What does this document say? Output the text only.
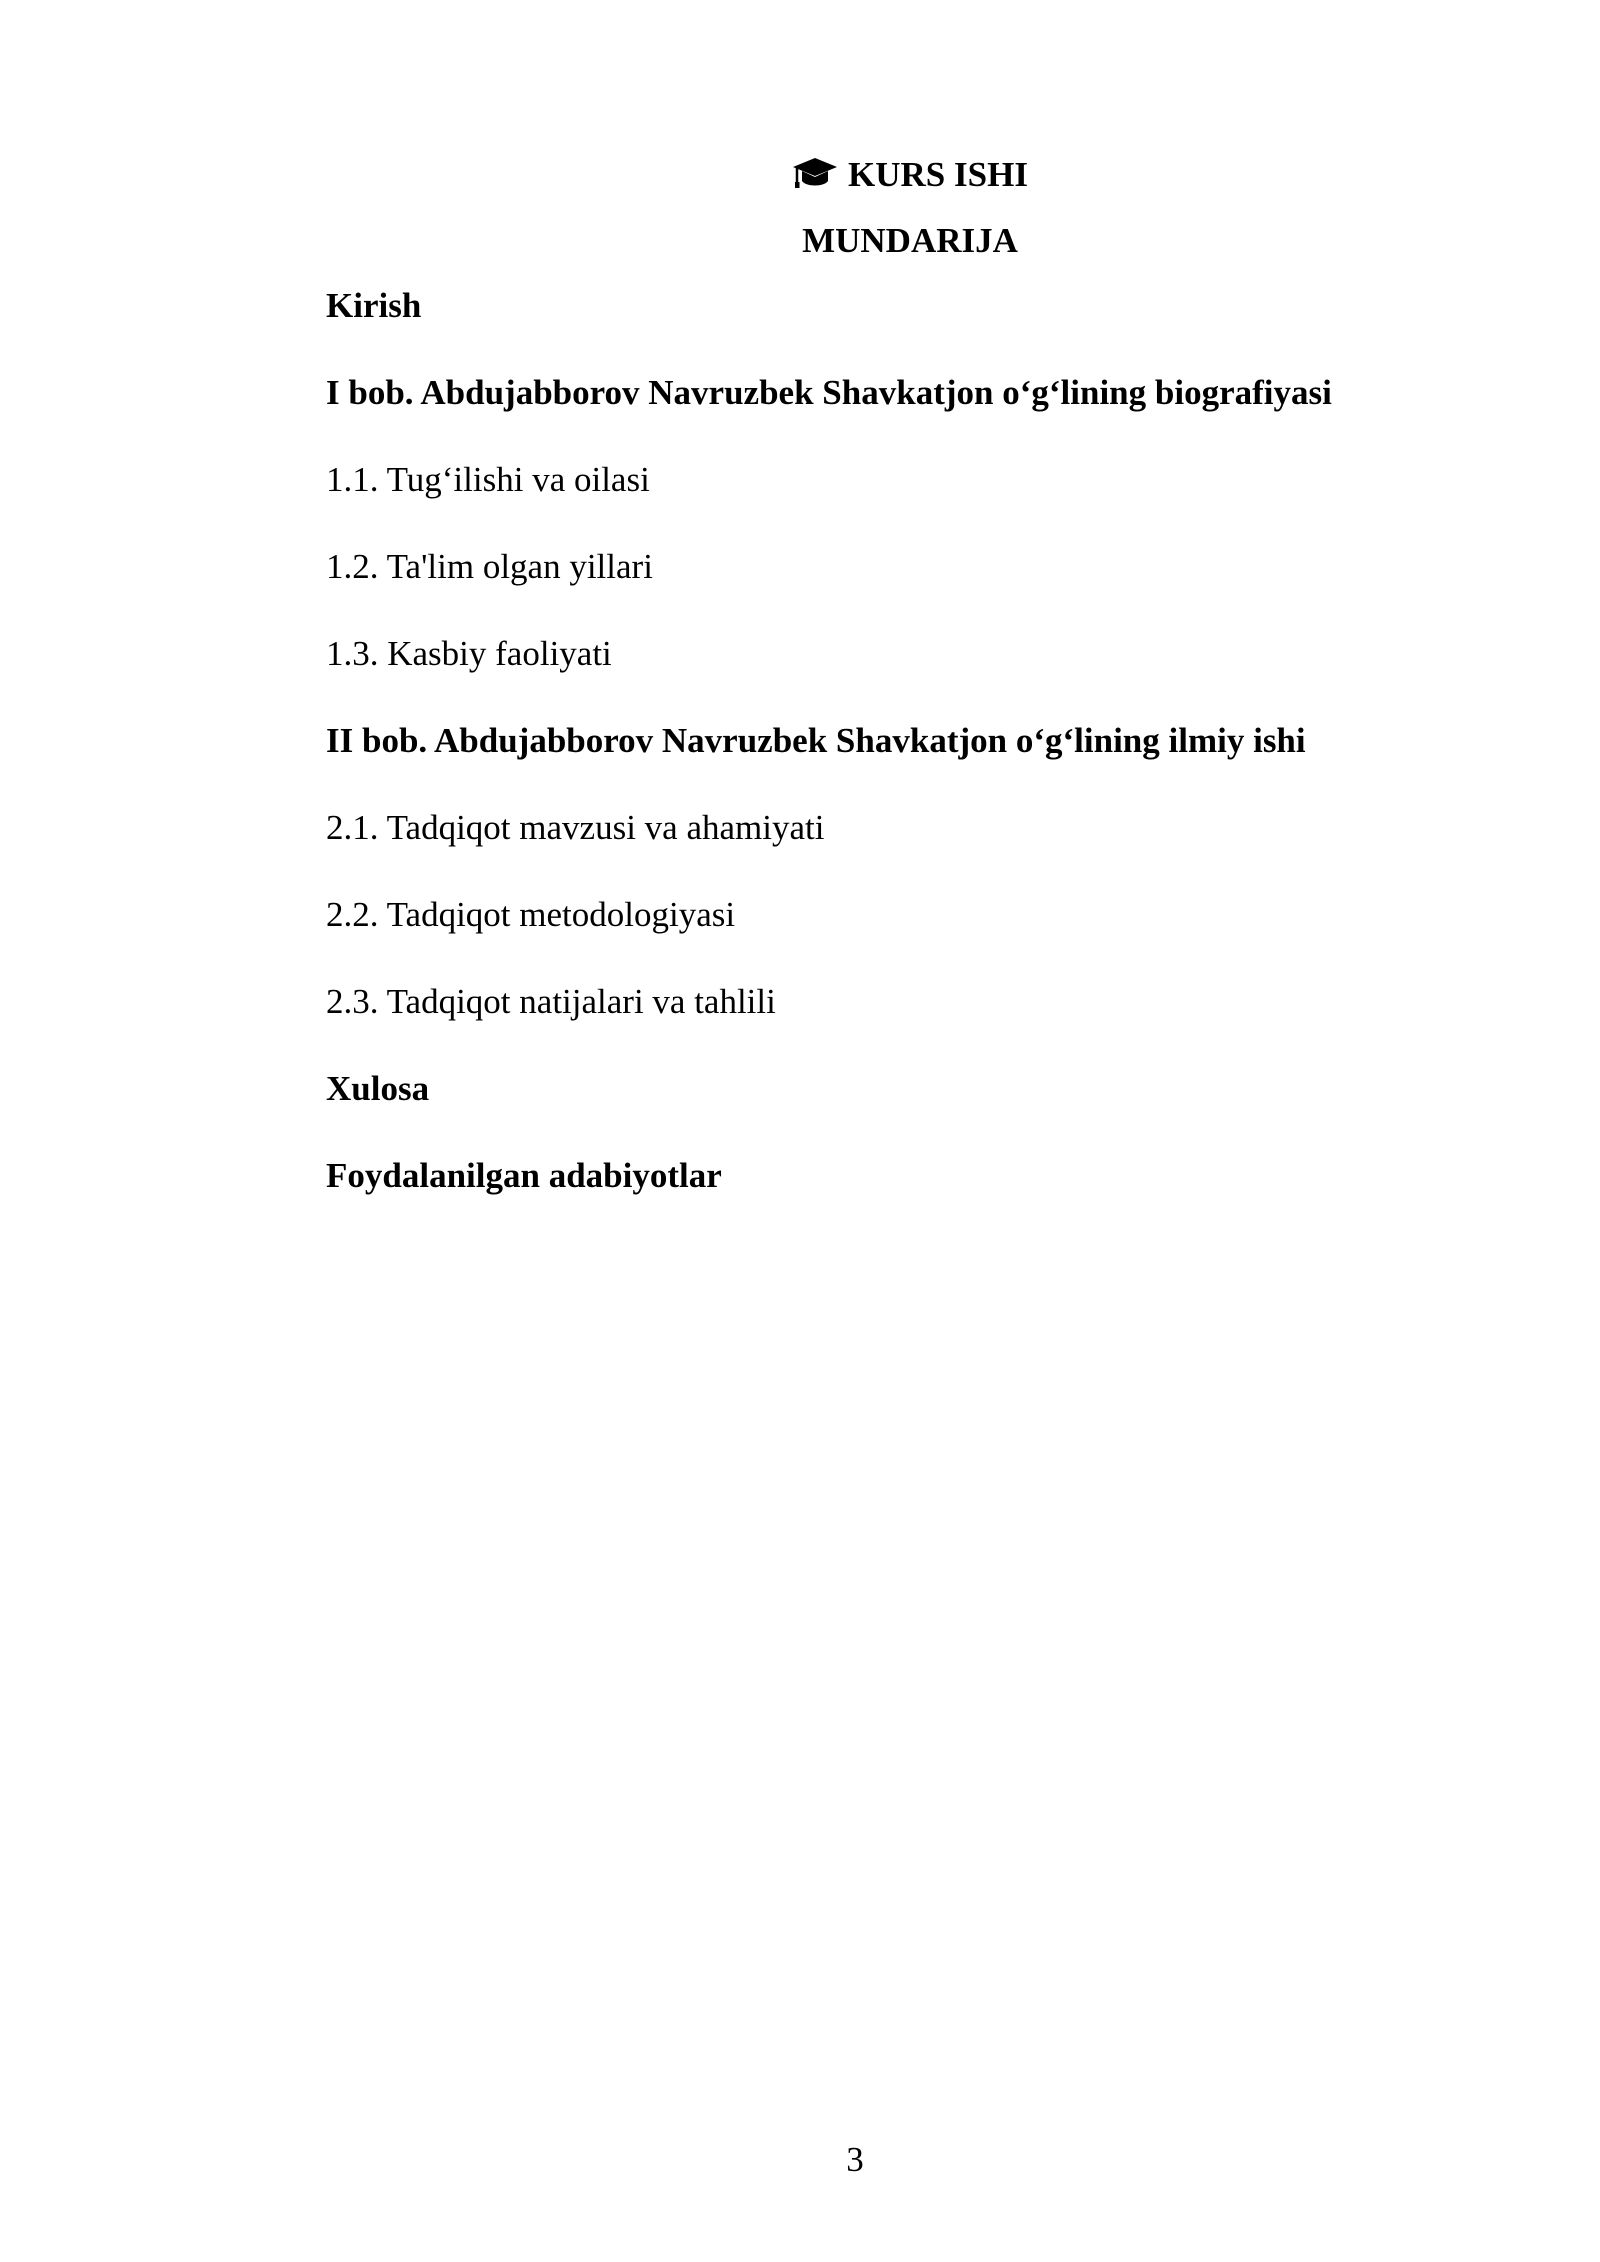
KURS ISHI
MUNDARIJA
Kirish
I bob. Abdujabborov Navruzbek Shavkatjon o‘g‘lining biografiyasi
1.1. Tug‘ilishi va oilasi
1.2. Ta'lim olgan yillari
1.3. Kasbiy faoliyati
II bob. Abdujabborov Navruzbek Shavkatjon o‘g‘lining ilmiy ishi
2.1. Tadqiqot mavzusi va ahamiyati
2.2. Tadqiqot metodologiyasi
2.3. Tadqiqot natijalari va tahlili
Xulosa
Foydalanilgan adabiyotlar
3
